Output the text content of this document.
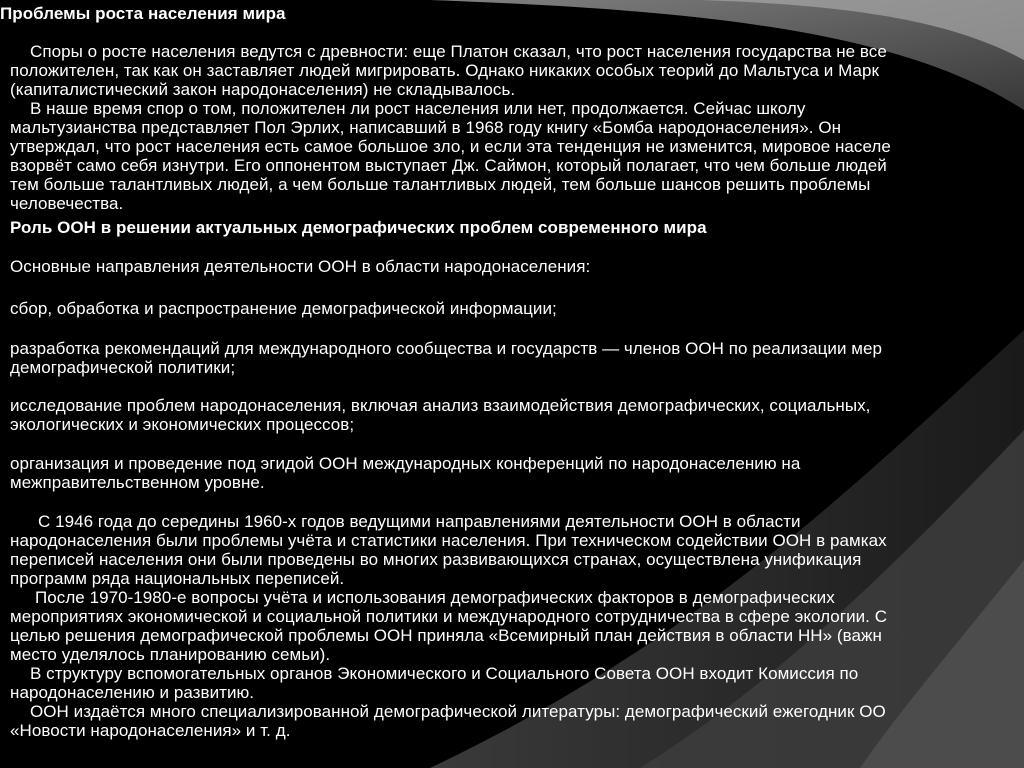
Проблемы роста населения мира
Споры о росте населения ведутся с древности: еще Платон сказал, что рост населения государства не все
положителен, так как он заставляет людей мигрировать. Однако никаких особых теорий до Мальтуса и Марк
(капиталистический закон народонаселения) не складывалось.
В наше время спор о том, положителен ли рост населения или нет, продолжается. Сейчас школу
мальтузианства представляет Пол Эрлих, написавший в 1968 году книгу «Бомба народонаселения». Он
утверждал, что рост населения есть самое большое зло, и если эта тенденция не изменится, мировое населе
взорвёт само себя изнутри. Его оппонентом выступает Дж. Саймон, который полагает, что чем больше людей
тем больше талантливых людей, а чем больше талантливых людей, тем больше шансов решить проблемы
человечества.
Роль ООН в решении актуальных демографических проблем современного мира
Основные направления деятельности ООН в области народонаселения:
сбор, обработка и распространение демографической информации;
разработка рекомендаций для международного сообщества и государств — членов ООН по реализации мер
демографической политики;
исследование проблем народонаселения, включая анализ взаимодействия демографических, социальных,
экологических и экономических процессов;
организация и проведение под эгидой ООН международных конференций по народонаселению на
межправительственном уровне.
С 1946 года до середины 1960-х годов ведущими направлениями деятельности ООН в области
народонаселения были проблемы учёта и статистики населения. При техническом содействии ООН в рамках
переписей населения они были проведены во многих развивающихся странах, осуществлена унификация
программ ряда национальных переписей.
После 1970-1980-е вопросы учёта и использования демографических факторов в демографических
мероприятиях экономической и социальной политики и международного сотрудничества в сфере экологии. С
целью решения демографической проблемы ООН приняла «Всемирный план действия в области НН» (важн
место уделялось планированию семьи).
В структуру вспомогательных органов Экономического и Социального Совета ООН входит Комиссия по
народонаселению и развитию.
ООН издаётся много специализированной демографической литературы: демографический ежегодник ОО
«Новости народонаселения» и т. д.
